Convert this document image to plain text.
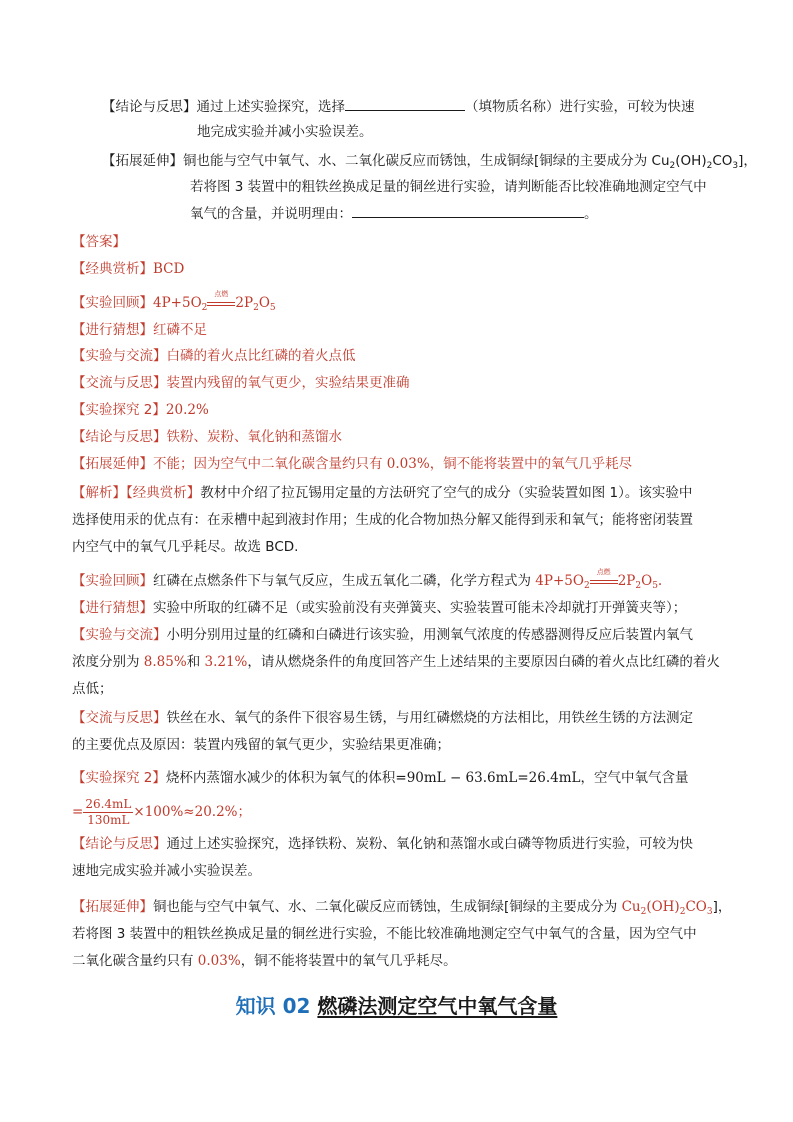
【结论与反思】通过上述实验探究，选择	（填物质名称）进行实验，可较为快速
地完成实验并减小实验误差。
【拓展延伸】铜也能与空气中氧气、水、二氧化碳反应而锈蚀，生成铜绿[铜绿的主要成分为 $Cu_2(OH)_2CO_3$]，
若将图 3 装置中的粗铁丝换成足量的铜丝进行实验，请判断能否比较准确地测定空气中
氧气的含量，并说明理由：	。
【答案】
【经典赏析】BCD
【实验回顾】$4P+5O_2$
点燃
$2P_2O_5$
【进行猜想】红磷不足
【实验与交流】白磷的着火点比红磷的着火点低
【交流与反思】装置内残留的氧气更少，实验结果更准确
【实验探究 2】20.2%
【结论与反思】铁粉、炭粉、氧化钠和蒸馏水
【拓展延伸】不能；因为空气中二氧化碳含量约只有 0.03%，铜不能将装置中的氧气几乎耗尽
【解析】【经典赏析】教材中介绍了拉瓦锡用定量的方法研究了空气的成分（实验装置如图 1）。该实验中
选择使用汞的优点有：在汞槽中起到液封作用；生成的化合物加热分解又能得到汞和氧气；能将密闭装置
内空气中的氧气几乎耗尽。故选 BCD.
【实验回顾】红磷在点燃条件下与氧气反应，生成五氧化二磷，化学方程式为 $4P+5O_2$
点燃
$2P_2O_5$.
【进行猜想】实验中所取的红磷不足（或实验前没有夹弹簧夹、实验装置可能未冷却就打开弹簧夹等）；
【实验与交流】小明分别用过量的红磷和白磷进行该实验，用测氧气浓度的传感器测得反应后装置内氧气
浓度分别为 8.85%和 3.21%，请从燃烧条件的角度回答产生上述结果的主要原因白磷的着火点比红磷的着火
点低；
【交流与反思】铁丝在水、氧气的条件下很容易生锈，与用红磷燃烧的方法相比，用铁丝生锈的方法测定
的主要优点及原因：装置内残留的氧气更少，实验结果更准确；
【实验探究 2】烧杯内蒸馏水减少的体积为氧气的体积=90mL − 63.6mL=26.4mL，空气中氧气含量
= $\frac{26.4mL}{130mL} \times 100\%\approx 20.2\%$；
【结论与反思】通过上述实验探究，选择铁粉、炭粉、氧化钠和蒸馏水或白磷等物质进行实验，可较为快
速地完成实验并减小实验误差。
【拓展延伸】铜也能与空气中氧气、水、二氧化碳反应而锈蚀，生成铜绿[铜绿的主要成分为 $Cu_2(OH)_2CO_3$]，
若将图 3 装置中的粗铁丝换成足量的铜丝进行实验，不能比较准确地测定空气中氧气的含量，因为空气中
二氧化碳含量约只有 0.03%，铜不能将装置中的氧气几乎耗尽。
知识 02 燃磷法测定空气中氧气含量
